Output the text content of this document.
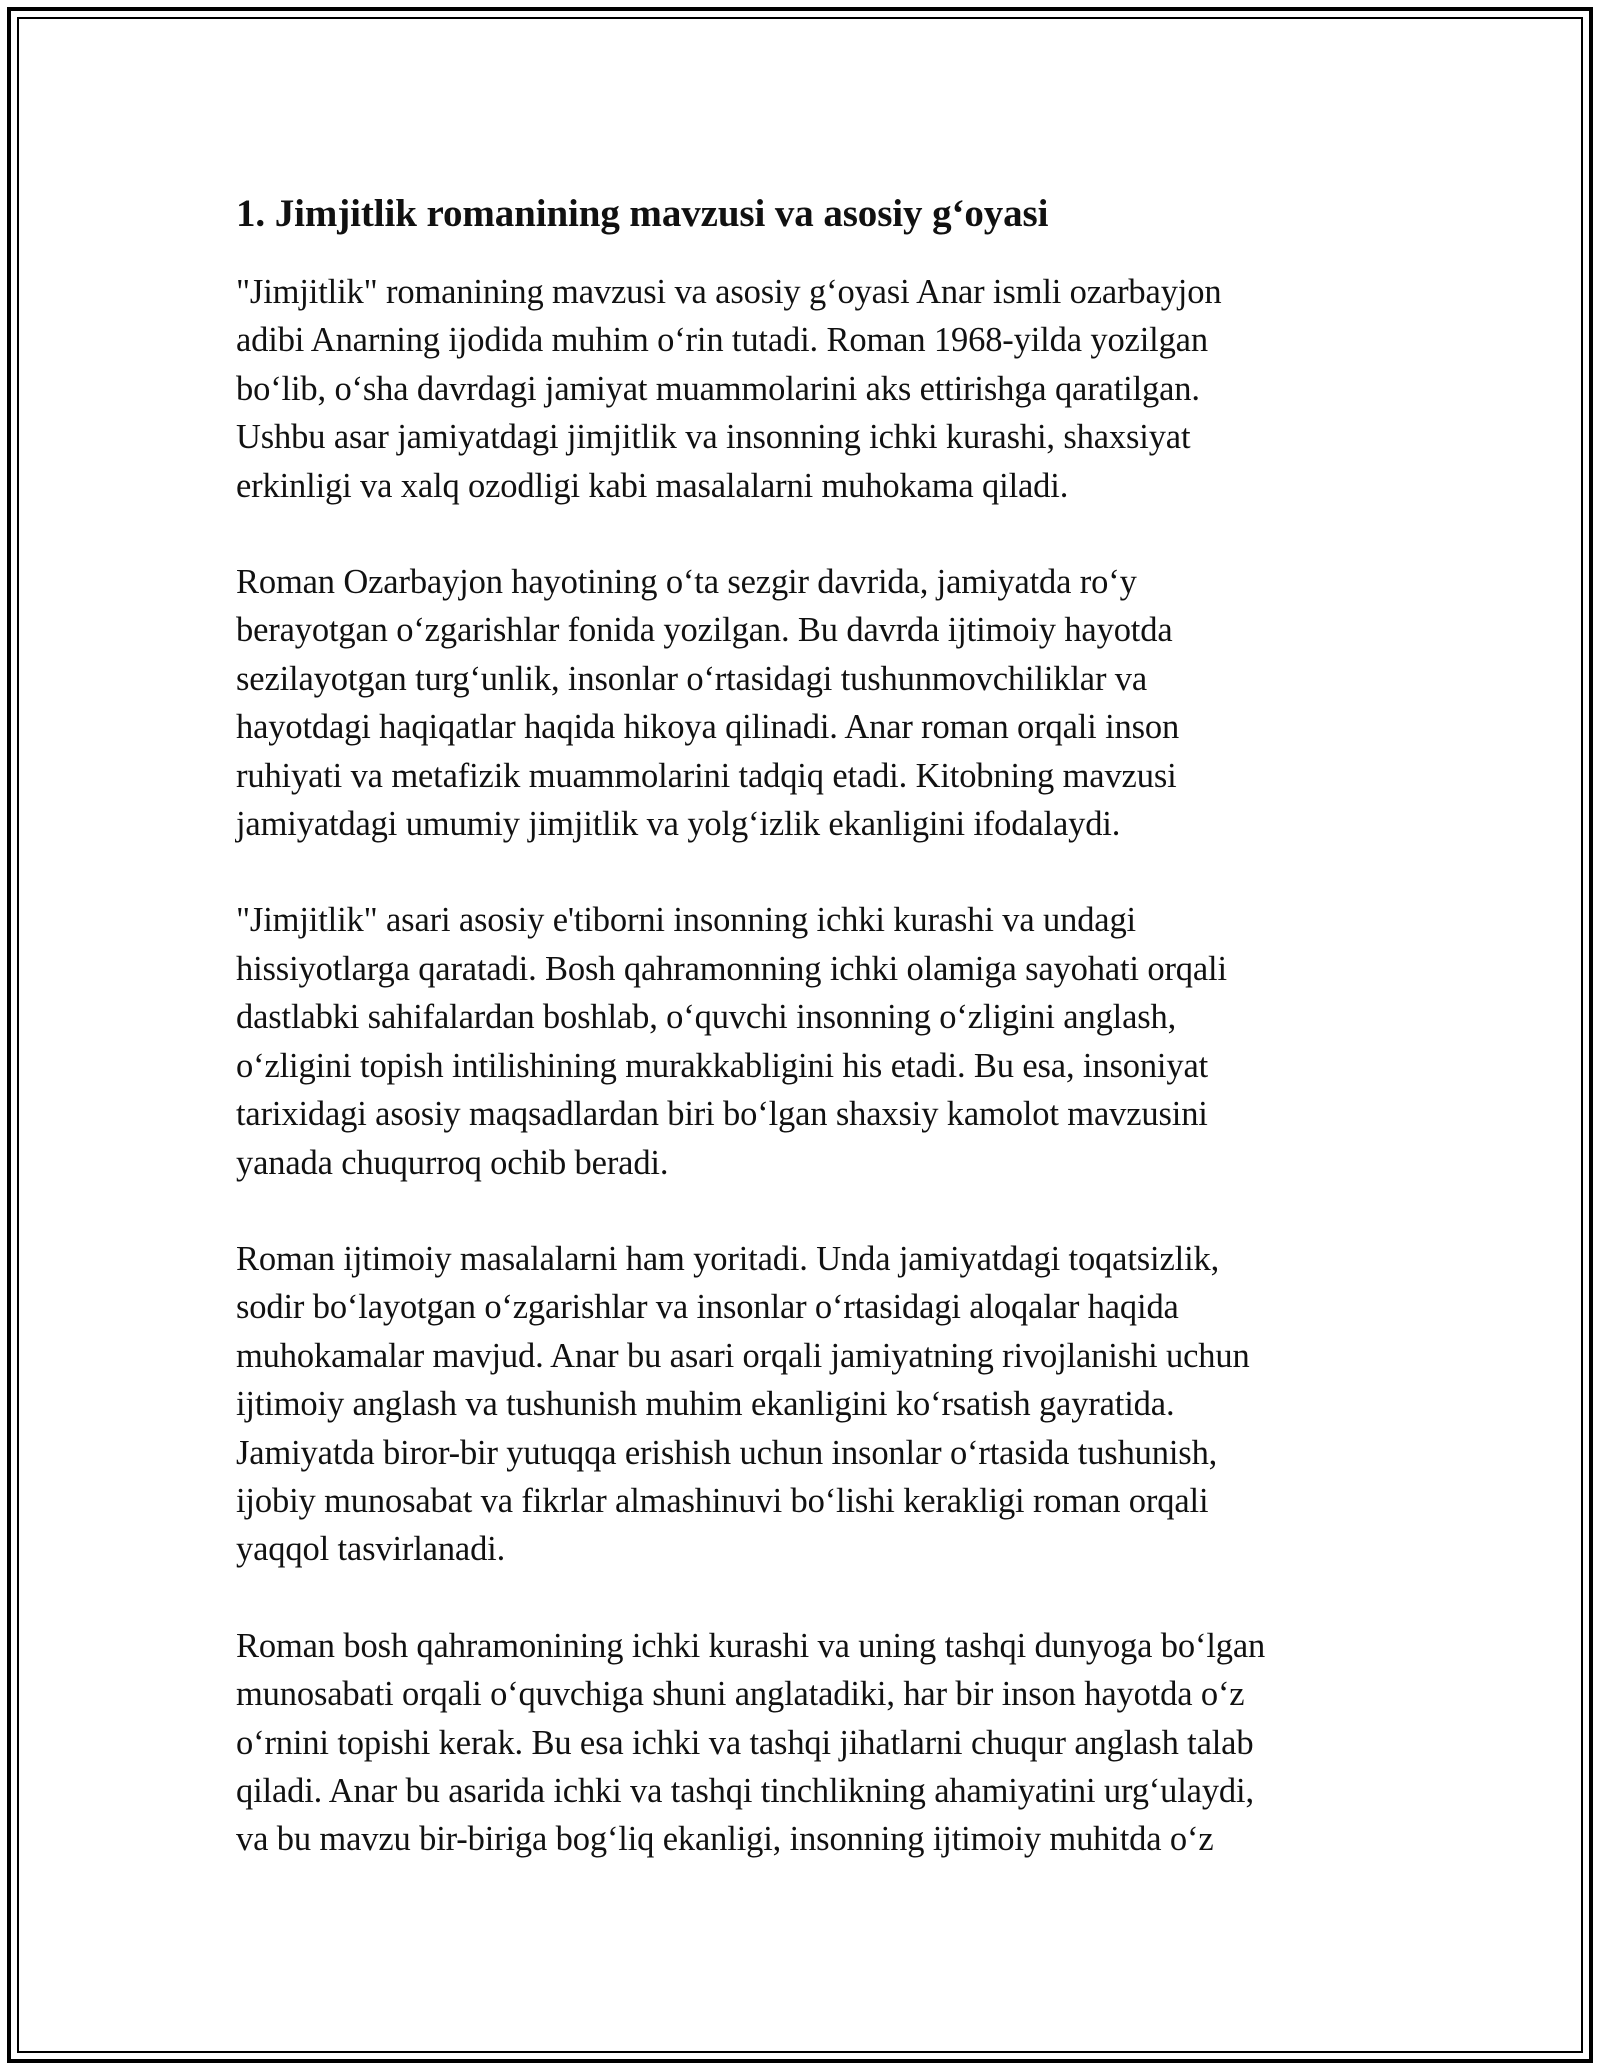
1. Jimjitlik romanining mavzusi va asosiy g‘oyasi

"Jimjitlik" romanining mavzusi va asosiy g‘oyasi Anar ismli ozarbayjon
adibi Anarning ijodida muhim o‘rin tutadi. Roman 1968-yilda yozilgan
bo‘lib, o‘sha davrdagi jamiyat muammolarini aks ettirishga qaratilgan.
Ushbu asar jamiyatdagi jimjitlik va insonning ichki kurashi, shaxsiyat
erkinligi va xalq ozodligi kabi masalalarni muhokama qiladi.

Roman Ozarbayjon hayotining o‘ta sezgir davrida, jamiyatda ro‘y
berayotgan o‘zgarishlar fonida yozilgan. Bu davrda ijtimoiy hayotda
sezilayotgan turg‘unlik, insonlar o‘rtasidagi tushunmovchiliklar va
hayotdagi haqiqatlar haqida hikoya qilinadi. Anar roman orqali inson
ruhiyati va metafizik muammolarini tadqiq etadi. Kitobning mavzusi
jamiyatdagi umumiy jimjitlik va yolg‘izlik ekanligini ifodalaydi.

"Jimjitlik" asari asosiy e'tiborni insonning ichki kurashi va undagi
hissiyotlarga qaratadi. Bosh qahramonning ichki olamiga sayohati orqali
dastlabki sahifalardan boshlab, o‘quvchi insonning o‘zligini anglash,
o‘zligini topish intilishining murakkabligini his etadi. Bu esa, insoniyat
tarixidagi asosiy maqsadlardan biri bo‘lgan shaxsiy kamolot mavzusini
yanada chuqurroq ochib beradi.

Roman ijtimoiy masalalarni ham yoritadi. Unda jamiyatdagi toqatsizlik,
sodir bo‘layotgan o‘zgarishlar va insonlar o‘rtasidagi aloqalar haqida
muhokamalar mavjud. Anar bu asari orqali jamiyatning rivojlanishi uchun
ijtimoiy anglash va tushunish muhim ekanligini ko‘rsatish gayratida.
Jamiyatda biror-bir yutuqqa erishish uchun insonlar o‘rtasida tushunish,
ijobiy munosabat va fikrlar almashinuvi bo‘lishi kerakligi roman orqali
yaqqol tasvirlanadi.

Roman bosh qahramonining ichki kurashi va uning tashqi dunyoga bo‘lgan
munosabati orqali o‘quvchiga shuni anglatadiki, har bir inson hayotda o‘z
o‘rnini topishi kerak. Bu esa ichki va tashqi jihatlarni chuqur anglash talab
qiladi. Anar bu asarida ichki va tashqi tinchlikning ahamiyatini urg‘ulaydi,
va bu mavzu bir-biriga bog‘liq ekanligi, insonning ijtimoiy muhitda o‘z
